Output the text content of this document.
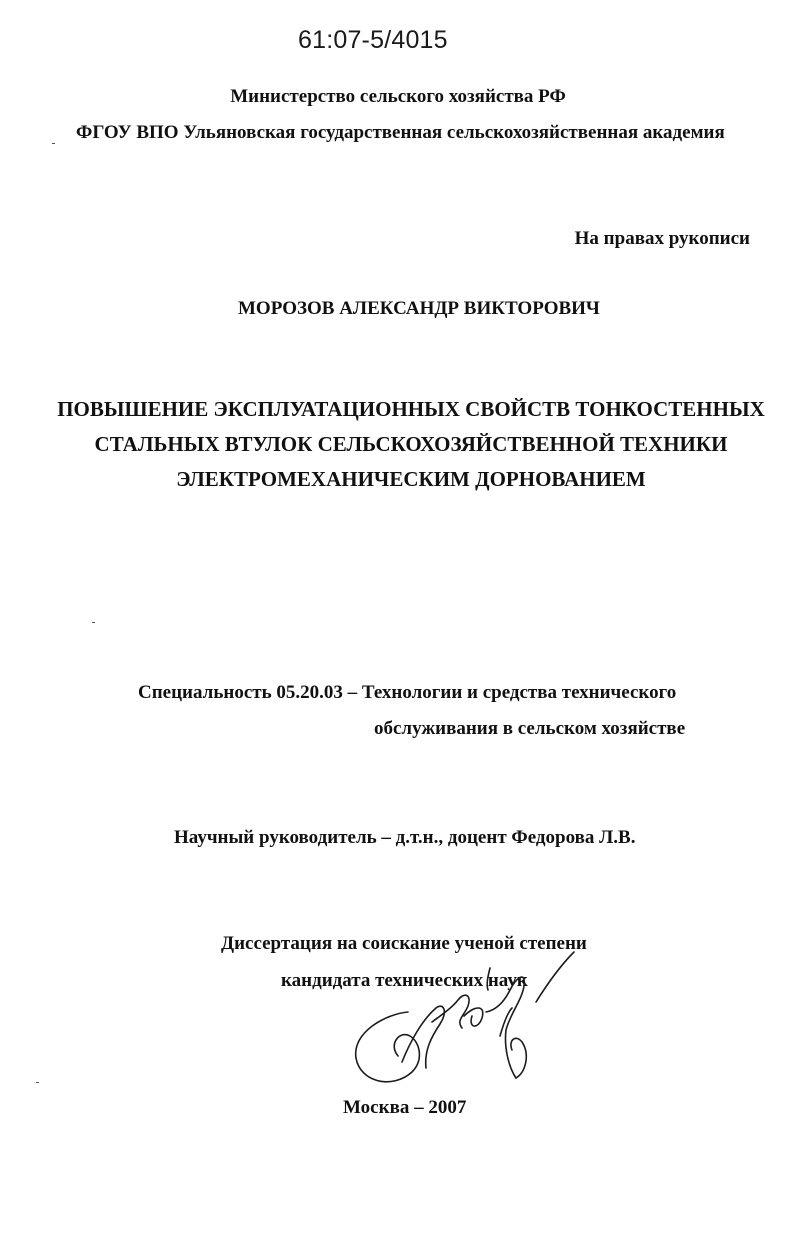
61:07-5/4015
Министерство сельского хозяйства РФ
ФГОУ ВПО Ульяновская государственная сельскохозяйственная академия
На правах рукописи
МОРОЗОВ АЛЕКСАНДР ВИКТОРОВИЧ
ПОВЫШЕНИЕ ЭКСПЛУАТАЦИОННЫХ СВОЙСТВ ТОНКОСТЕННЫХ
СТАЛЬНЫХ ВТУЛОК СЕЛЬСКОХОЗЯЙСТВЕННОЙ ТЕХНИКИ
ЭЛЕКТРОМЕХАНИЧЕСКИМ ДОРНОВАНИЕМ
Специальность 05.20.03 – Технологии и средства технического
обслуживания в сельском хозяйстве
Научный руководитель – д.т.н., доцент Федорова Л.В.
Диссертация на соискание ученой степени
кандидата технических наук
Москва – 2007
